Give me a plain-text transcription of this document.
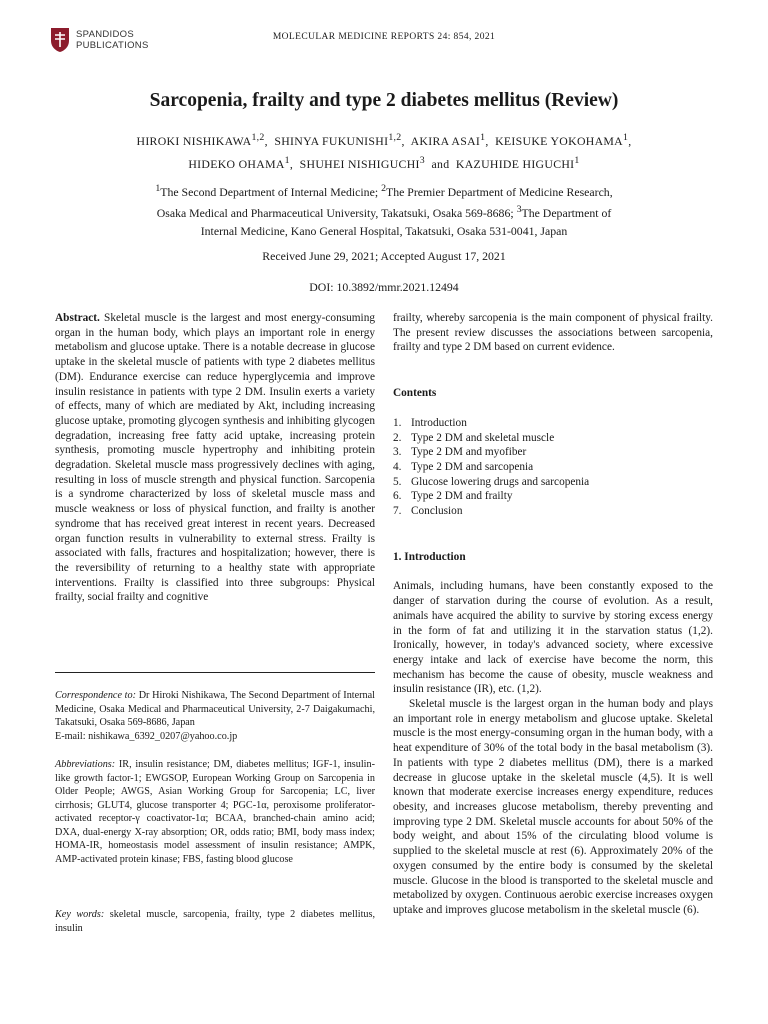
SPANDIDOS
PUBLICATIONS
MOLECULAR MEDICINE REPORTS 24: 854, 2021
Sarcopenia, frailty and type 2 diabetes mellitus (Review)
HIROKI NISHIKAWA$^{1,2}$,  SHINYA FUKUNISHI$^{1,2}$,  AKIRA ASAI$^1$,  KEISUKE YOKOHAMA$^1$,
HIDEKO OHAMA$^1$,  SHUHEI NISHIGUCHI$^3$ and KAZUHIDE HIGUCHI$^1$
$^1$The Second Department of Internal Medicine; $^2$The Premier Department of Medicine Research,
Osaka Medical and Pharmaceutical University, Takatsuki, Osaka 569-8686; $^3$The Department of
Internal Medicine, Kano General Hospital, Takatsuki, Osaka 531-0041, Japan
Received June 29, 2021; Accepted August 17, 2021
DOI: 10.3892/mmr.2021.12494

Abstract. Skeletal muscle is the largest and most energy-consuming organ in the human body, which plays an important role in energy metabolism and glucose uptake. There is a notable decrease in glucose uptake in the skeletal muscle of patients with type 2 diabetes mellitus (DM). Endurance exercise can reduce hyperglycemia and improve insulin resistance in patients with type 2 DM. Insulin exerts a variety of effects, many of which are mediated by Akt, including increasing glucose uptake, promoting glycogen synthesis and inhibiting glycogen degradation, increasing free fatty acid uptake, increasing protein synthesis, promoting muscle hypertrophy and inhibiting protein degradation. Skeletal muscle mass progressively declines with aging, resulting in loss of muscle strength and physical function. Sarcopenia is a syndrome characterized by loss of skeletal muscle mass and muscle weakness or loss of physical function, and frailty is another syndrome that has received great interest in recent years. Decreased organ function results in vulnerability to external stress. Frailty is associated with falls, fractures and hospitalization; however, there is the reversibility of returning to a healthy state with appropriate interventions. Frailty is classified into three subgroups: Physical frailty, social frailty and cognitive

Correspondence to: Dr Hiroki Nishikawa, The Second Department of Internal Medicine, Osaka Medical and Pharmaceutical University, 2-7 Daigakumachi, Takatsuki, Osaka 569-8686, Japan

E-mail: nishikawa_6392_0207@yahoo.co.jp

Abbreviations: IR, insulin resistance; DM, diabetes mellitus; IGF-1, insulin-like growth factor-1; EWGSOP, European Working Group on Sarcopenia in Older People; AWGS, Asian Working Group for Sarcopenia; LC, liver cirrhosis; GLUT4, glucose transporter 4; PGC-1α, peroxisome proliferator-activated receptor-γ coactivator-1α; BCAA, branched-chain amino acid; DXA, dual-energy X-ray absorption; OR, odds ratio; BMI, body mass index; HOMA-IR, homeostasis model assessment of insulin resistance; AMPK, AMP-activated protein kinase; FBS, fasting blood glucose

Key words: skeletal muscle, sarcopenia, frailty, type 2 diabetes mellitus, insulin

frailty, whereby sarcopenia is the main component of physical frailty. The present review discusses the associations between sarcopenia, frailty and type 2 DM based on current evidence.

Contents

1. Introduction
2. Type 2 DM and skeletal muscle
3. Type 2 DM and myofiber
4. Type 2 DM and sarcopenia
5. Glucose lowering drugs and sarcopenia
6. Type 2 DM and frailty
7. Conclusion

1. Introduction

Animals, including humans, have been constantly exposed to the danger of starvation during the course of evolution. As a result, animals have acquired the ability to survive by storing excess energy in the form of fat and utilizing it in the starvation status (1,2). Ironically, however, in today's advanced society, where excessive energy intake and lack of exercise have become the norm, this mechanism has become the cause of obesity, muscle weakness and insulin resistance (IR), etc. (1,2).

Skeletal muscle is the largest organ in the human body and plays an important role in energy metabolism and glucose uptake. Skeletal muscle is the most energy-consuming organ in the human body, with a heat expenditure of 30% of the total body in the basal metabolism (3). In patients with type 2 diabetes mellitus (DM), there is a marked decrease in glucose uptake in the skeletal muscle (4,5). It is well known that moderate exercise increases energy expenditure, reduces obesity, and increases glucose metabolism, thereby preventing and improving type 2 DM. Skeletal muscle accounts for about 50% of the body weight, and about 15% of the circulating blood volume is supplied to the skeletal muscle at rest (6). Approximately 20% of the oxygen consumed by the entire body is consumed by the skeletal muscle. Glucose in the blood is transported to the skeletal muscle and metabolized by oxygen. Continuous aerobic exercise increases oxygen uptake and improves glucose metabolism in the skeletal muscle (6).
